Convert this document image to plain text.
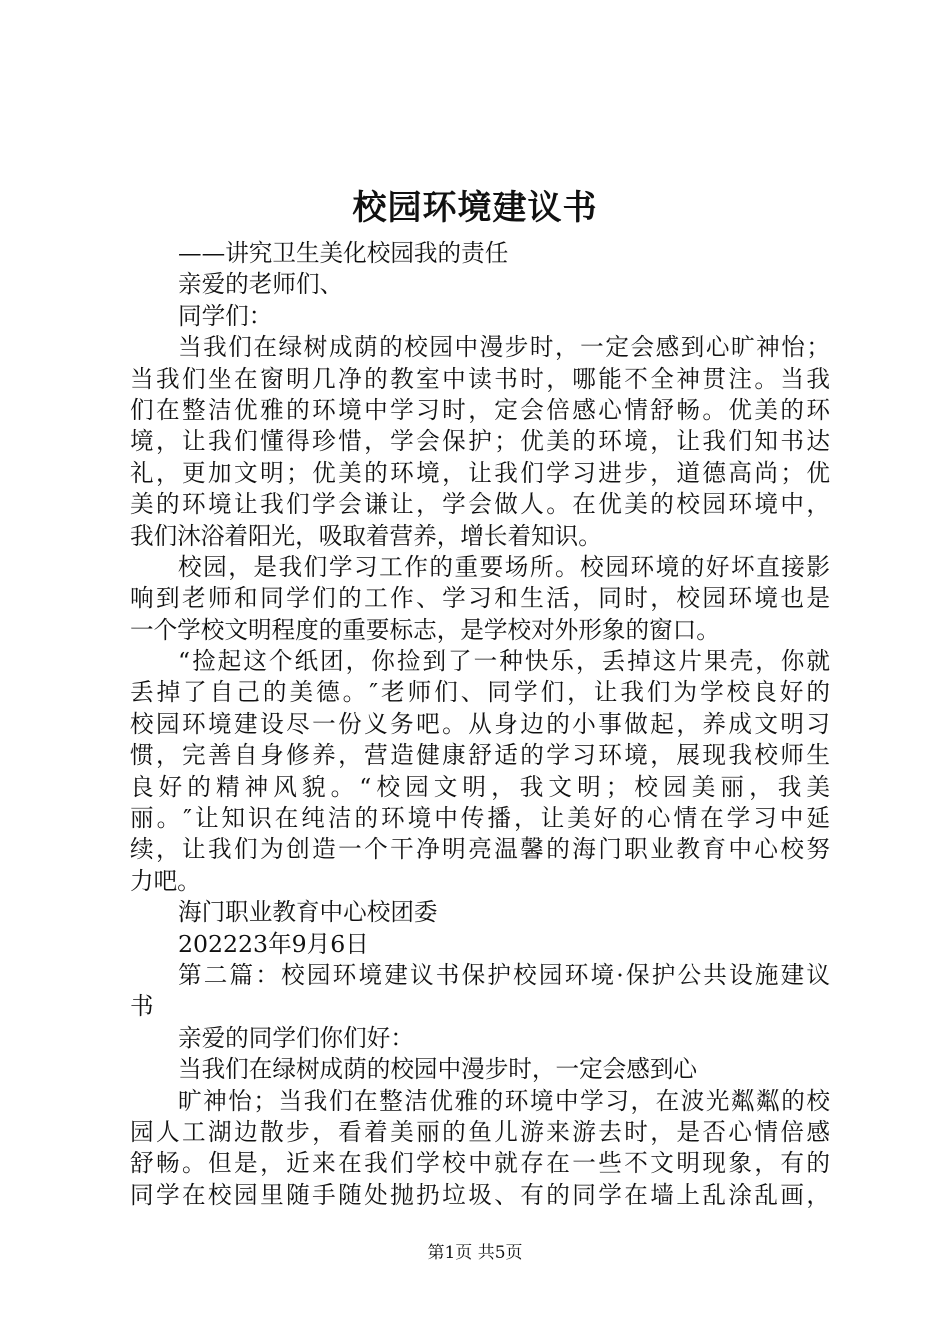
校园环境建议书
——讲究卫生美化校园我的责任
亲爱的老师们、
同学们：
当我们在绿树成荫的校园中漫步时，一定会感到心旷神怡；
当我们坐在窗明几净的教室中读书时，哪能不全神贯注。当我
们在整洁优雅的环境中学习时，定会倍感心情舒畅。优美的环
境，让我们懂得珍惜，学会保护；优美的环境，让我们知书达
礼，更加文明；优美的环境，让我们学习进步，道德高尚；优
美的环境让我们学会谦让，学会做人。在优美的校园环境中，
我们沐浴着阳光，吸取着营养，增长着知识。
校园，是我们学习工作的重要场所。校园环境的好坏直接影
响到老师和同学们的工作、学习和生活，同时，校园环境也是
一个学校文明程度的重要标志，是学校对外形象的窗口。
“捡起这个纸团，你捡到了一种快乐，丢掉这片果壳，你就
丢掉了自己的美德。″老师们、同学们，让我们为学校良好的
校园环境建设尽一份义务吧。从身边的小事做起，养成文明习
惯，完善自身修养，营造健康舒适的学习环境，展现我校师生
良好的精神风貌。“校园文明，我文明；校园美丽，我美
丽。″让知识在纯洁的环境中传播，让美好的心情在学习中延
续，让我们为创造一个干净明亮温馨的海门职业教育中心校努
力吧。
海门职业教育中心校团委
202223年9月6日
第二篇：校园环境建议书保护校园环境·保护公共设施建议
书
亲爱的同学们你们好：
当我们在绿树成荫的校园中漫步时，一定会感到心
旷神怡；当我们在整洁优雅的环境中学习，在波光粼粼的校
园人工湖边散步，看着美丽的鱼儿游来游去时，是否心情倍感
舒畅。但是，近来在我们学校中就存在一些不文明现象，有的
同学在校园里随手随处抛扔垃圾、有的同学在墙上乱涂乱画，
第1页 共5页
